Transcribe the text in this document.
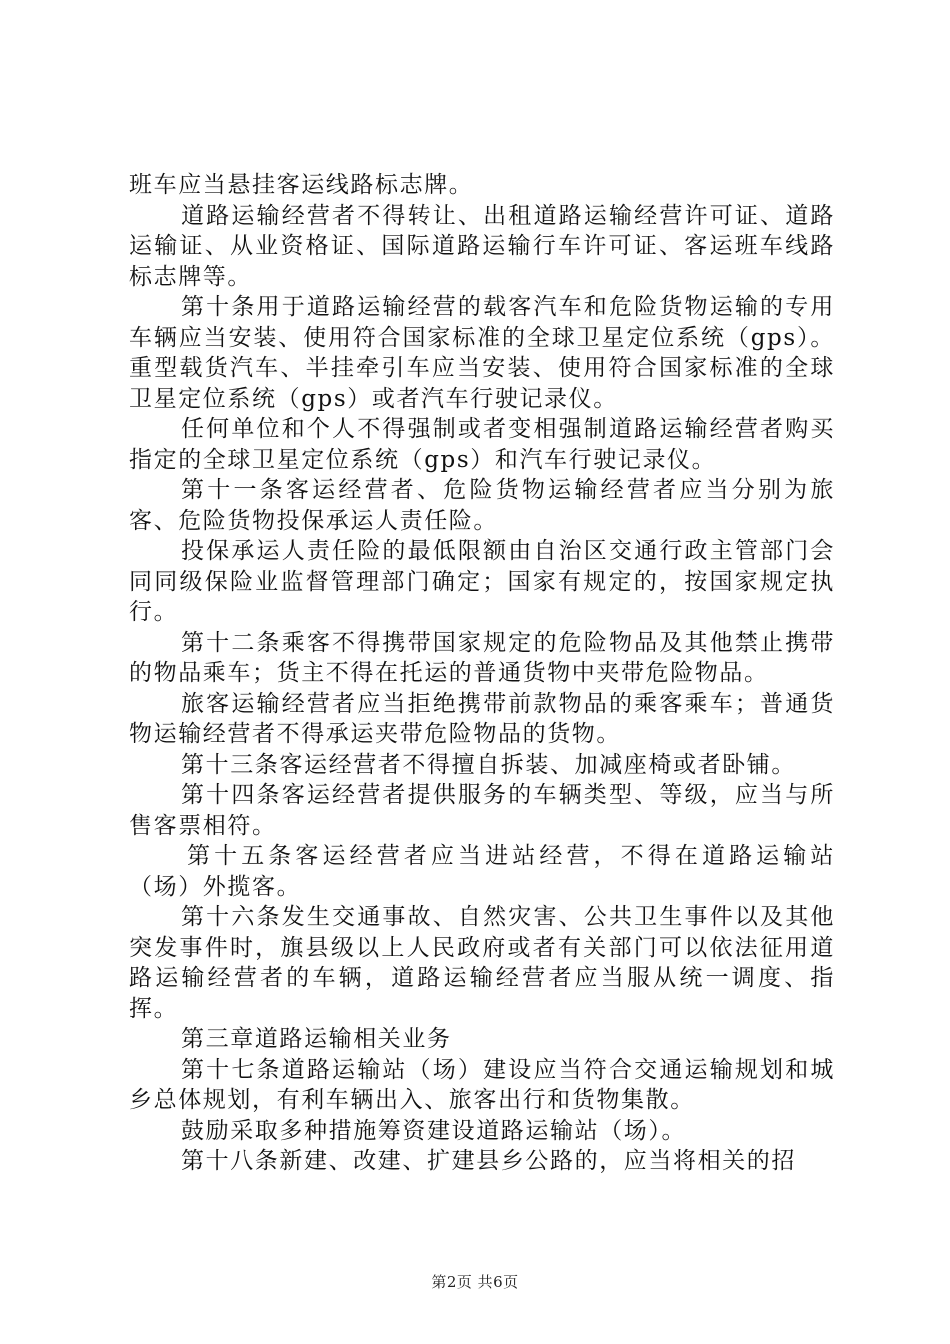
班车应当悬挂客运线路标志牌。

道路运输经营者不得转让、出租道路运输经营许可证、道路运输证、从业资格证、国际道路运输行车许可证、客运班车线路标志牌等。

第十条用于道路运输经营的载客汽车和危险货物运输的专用车辆应当安装、使用符合国家标准的全球卫星定位系统（gps）。重型载货汽车、半挂牵引车应当安装、使用符合国家标准的全球卫星定位系统（gps）或者汽车行驶记录仪。

任何单位和个人不得强制或者变相强制道路运输经营者购买指定的全球卫星定位系统（gps）和汽车行驶记录仪。

第十一条客运经营者、危险货物运输经营者应当分别为旅客、危险货物投保承运人责任险。

投保承运人责任险的最低限额由自治区交通行政主管部门会同同级保险业监督管理部门确定；国家有规定的，按国家规定执行。

第十二条乘客不得携带国家规定的危险物品及其他禁止携带的物品乘车；货主不得在托运的普通货物中夹带危险物品。

旅客运输经营者应当拒绝携带前款物品的乘客乘车；普通货物运输经营者不得承运夹带危险物品的货物。

第十三条客运经营者不得擅自拆装、加减座椅或者卧铺。

第十四条客运经营者提供服务的车辆类型、等级，应当与所售客票相符。

第十五条客运经营者应当进站经营，不得在道路运输站（场）外揽客。

第十六条发生交通事故、自然灾害、公共卫生事件以及其他突发事件时，旗县级以上人民政府或者有关部门可以依法征用道路运输经营者的车辆，道路运输经营者应当服从统一调度、指挥。

第三章道路运输相关业务

第十七条道路运输站（场）建设应当符合交通运输规划和城乡总体规划，有利车辆出入、旅客出行和货物集散。

鼓励采取多种措施筹资建设道路运输站（场）。

第十八条新建、改建、扩建县乡公路的，应当将相关的招

第2页 共6页
